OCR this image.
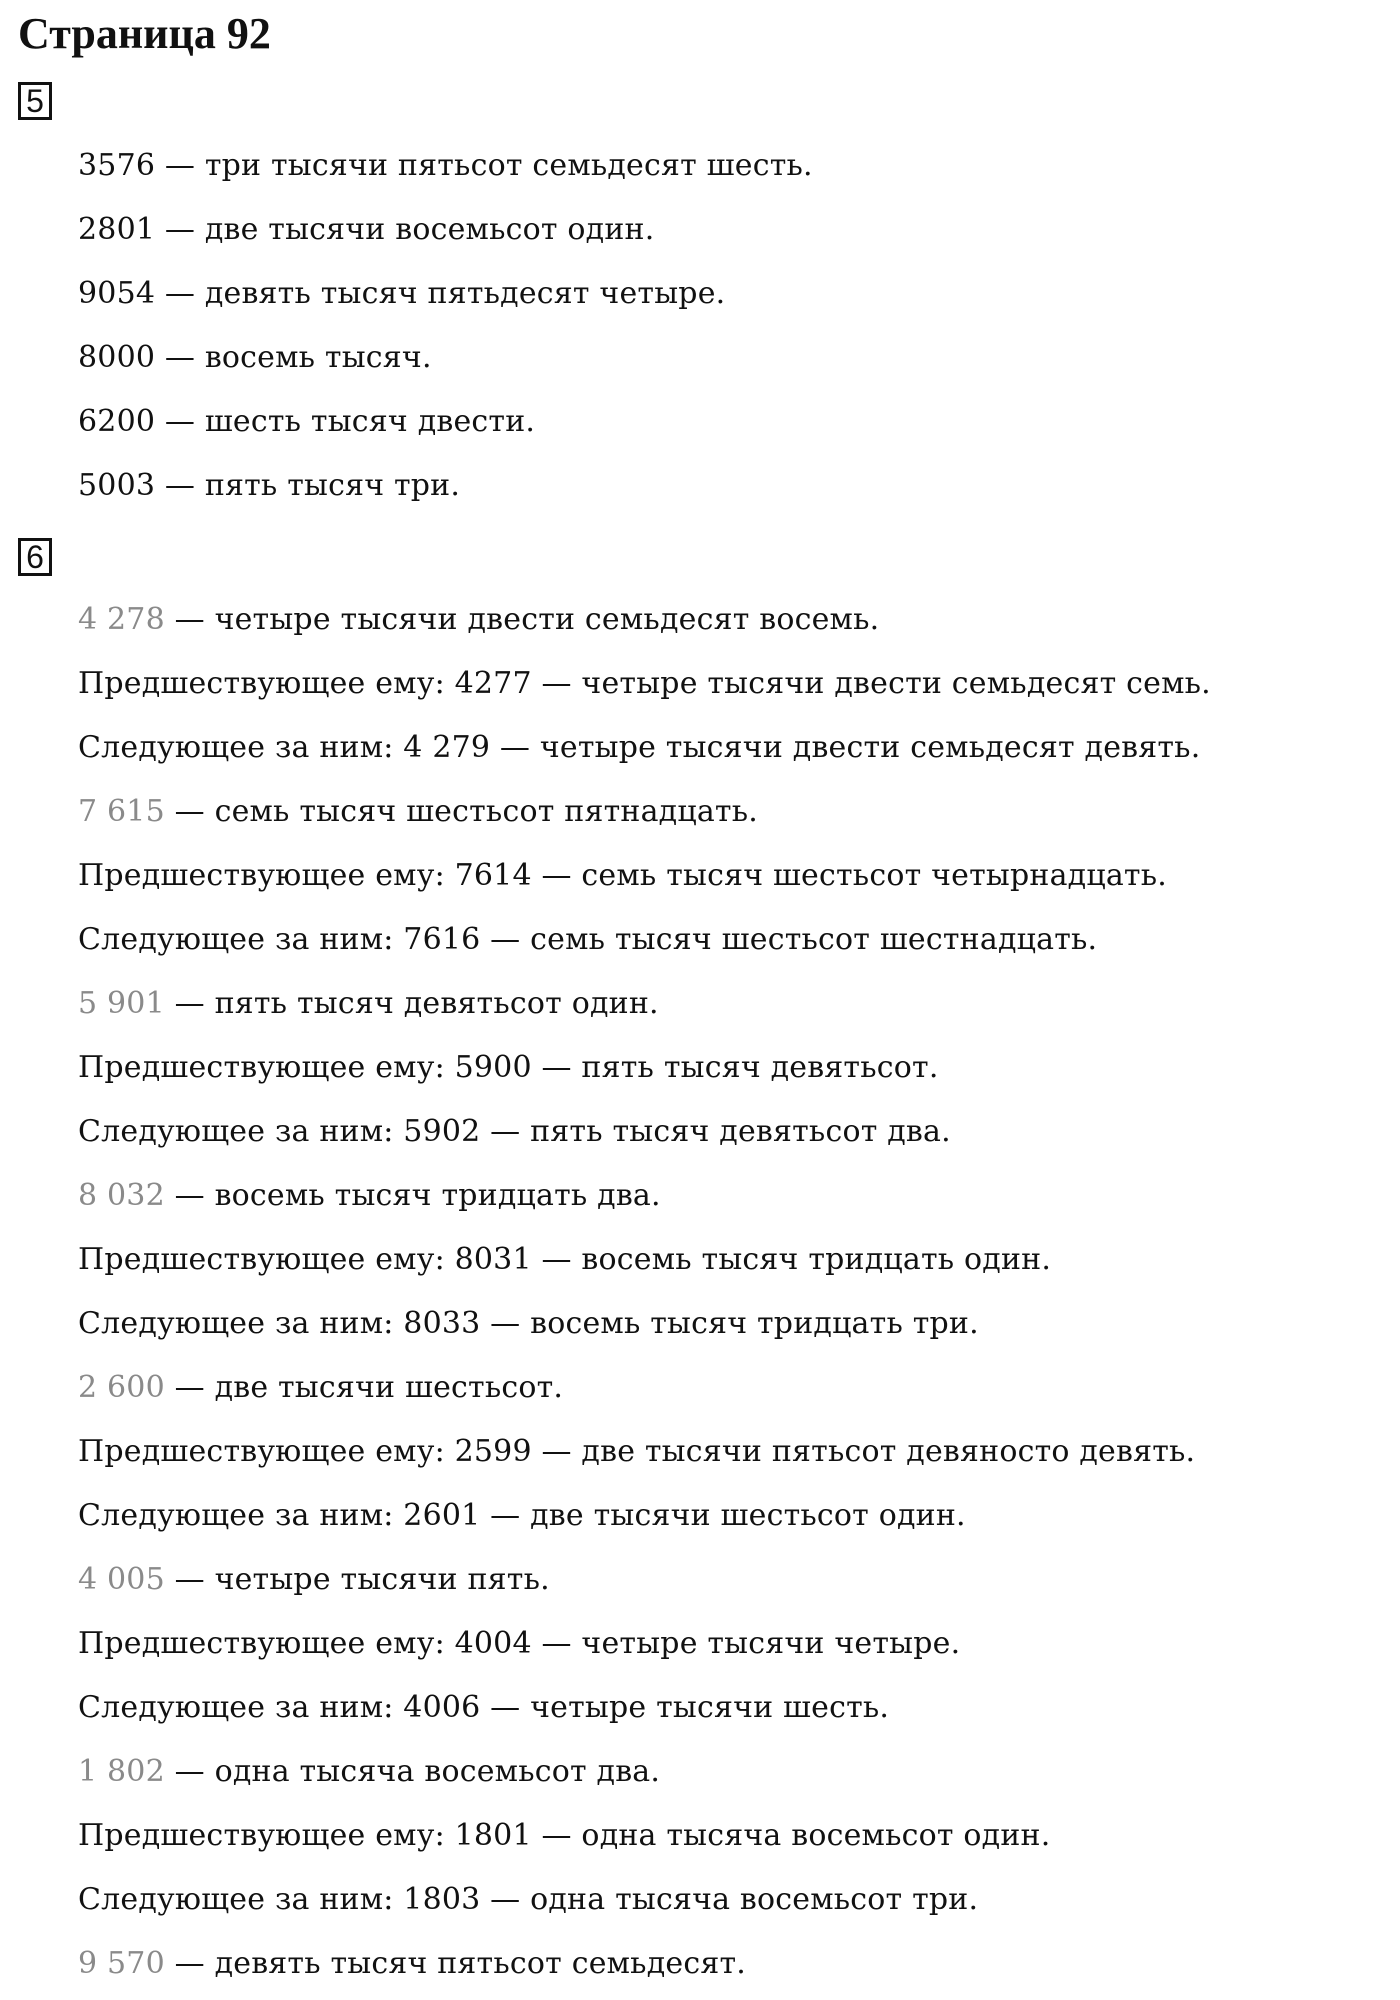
Страница 92
5
3576 — три тысячи пятьсот семьдесят шесть.
2801 — две тысячи восемьсот один.
9054 — девять тысяч пятьдесят четыре.
8000 — восемь тысяч.
6200 — шесть тысяч двести.
5003 — пять тысяч три.
6
4 278 — четыре тысячи двести семьдесят восемь.
Предшествующее ему: 4277 — четыре тысячи двести семьдесят семь.
Следующее за ним: 4 279 — четыре тысячи двести семьдесят девять.
7 615 — семь тысяч шестьсот пятнадцать.
Предшествующее ему: 7614 — семь тысяч шестьсот четырнадцать.
Следующее за ним: 7616 — семь тысяч шестьсот шестнадцать.
5 901 — пять тысяч девятьсот один.
Предшествующее ему: 5900 — пять тысяч девятьсот.
Следующее за ним: 5902 — пять тысяч девятьсот два.
8 032 — восемь тысяч тридцать два.
Предшествующее ему: 8031 — восемь тысяч тридцать один.
Следующее за ним: 8033 — восемь тысяч тридцать три.
2 600 — две тысячи шестьсот.
Предшествующее ему: 2599 — две тысячи пятьсот девяносто девять.
Следующее за ним: 2601 — две тысячи шестьсот один.
4 005 — четыре тысячи пять.
Предшествующее ему: 4004 — четыре тысячи четыре.
Следующее за ним: 4006 — четыре тысячи шесть.
1 802 — одна тысяча восемьсот два.
Предшествующее ему: 1801 — одна тысяча восемьсот один.
Следующее за ним: 1803 — одна тысяча восемьсот три.
9 570 — девять тысяч пятьсот семьдесят.
